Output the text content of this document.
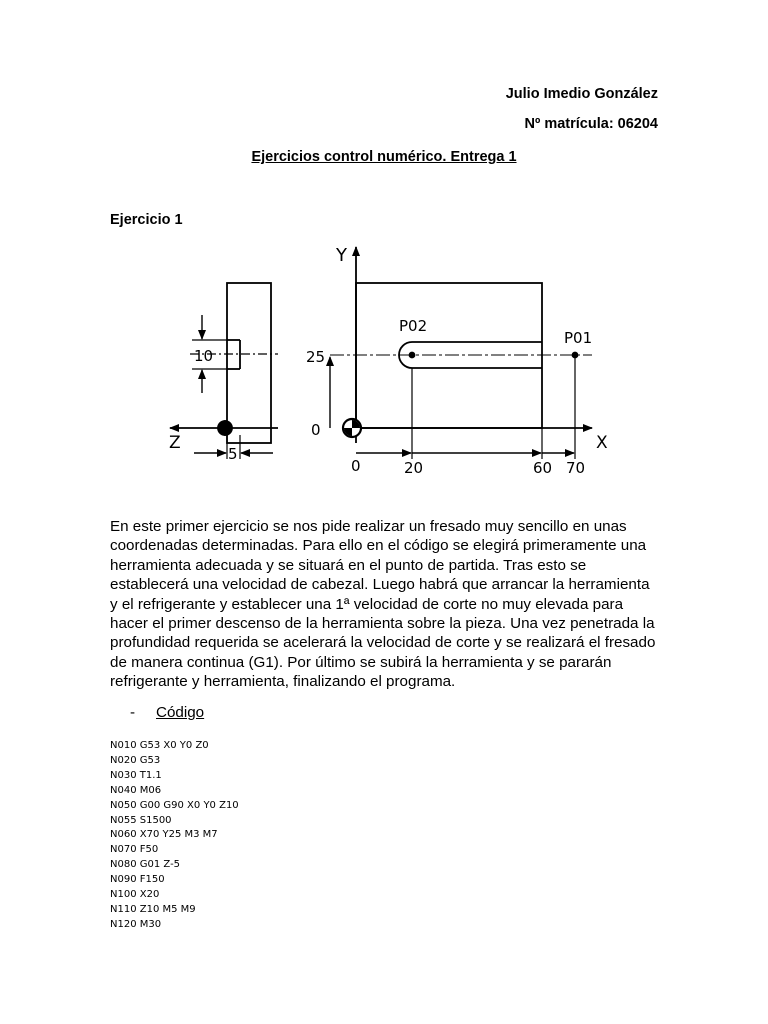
Julio Imedio González
Nº matrícula: 06204
Ejercicios control numérico. Entrega 1
Ejercicio 1
10
Z
5
Y
X
P02
P01
25
0
0	20	60 70

En este primer ejercicio se nos pide realizar un fresado muy sencillo en unas coordenadas determinadas. Para ello en el código se elegirá primeramente una herramienta adecuada y se situará en el punto de partida. Tras esto se establecerá una velocidad de cabezal. Luego habrá que arrancar la herramienta y el refrigerante y establecer una 1ª velocidad de corte no muy elevada para hacer el primer descenso de la herramienta sobre la pieza. Una vez penetrada la profundidad requerida se acelerará la velocidad de corte y se realizará el fresado de manera continua (G1). Por último se subirá la herramienta y se pararán refrigerante y herramienta, finalizando el programa.

- Código
N010 G53 X0 Y0 Z0
N020 G53
N030 T1.1
N040 M06
N050 G00 G90 X0 Y0 Z10
N055 S1500
N060 X70 Y25 M3 M7
N070 F50
N080 G01 Z-5
N090 F150
N100 X20
N110 Z10 M5 M9
N120 M30
